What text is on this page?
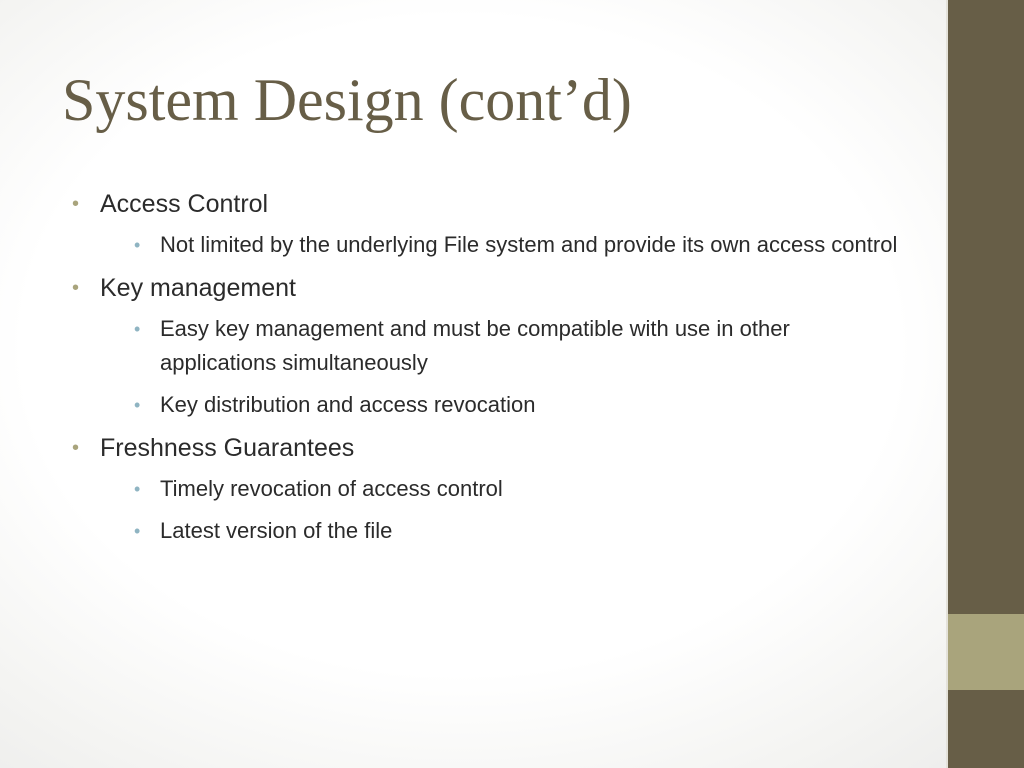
System Design (cont’d)
• Access Control
• Not limited by the underlying File system and provide its own access control
• Key management
• Easy key management and must be compatible with use in other applications simultaneously
• Key distribution and access revocation
• Freshness Guarantees
• Timely revocation of access control
• Latest version of the file
